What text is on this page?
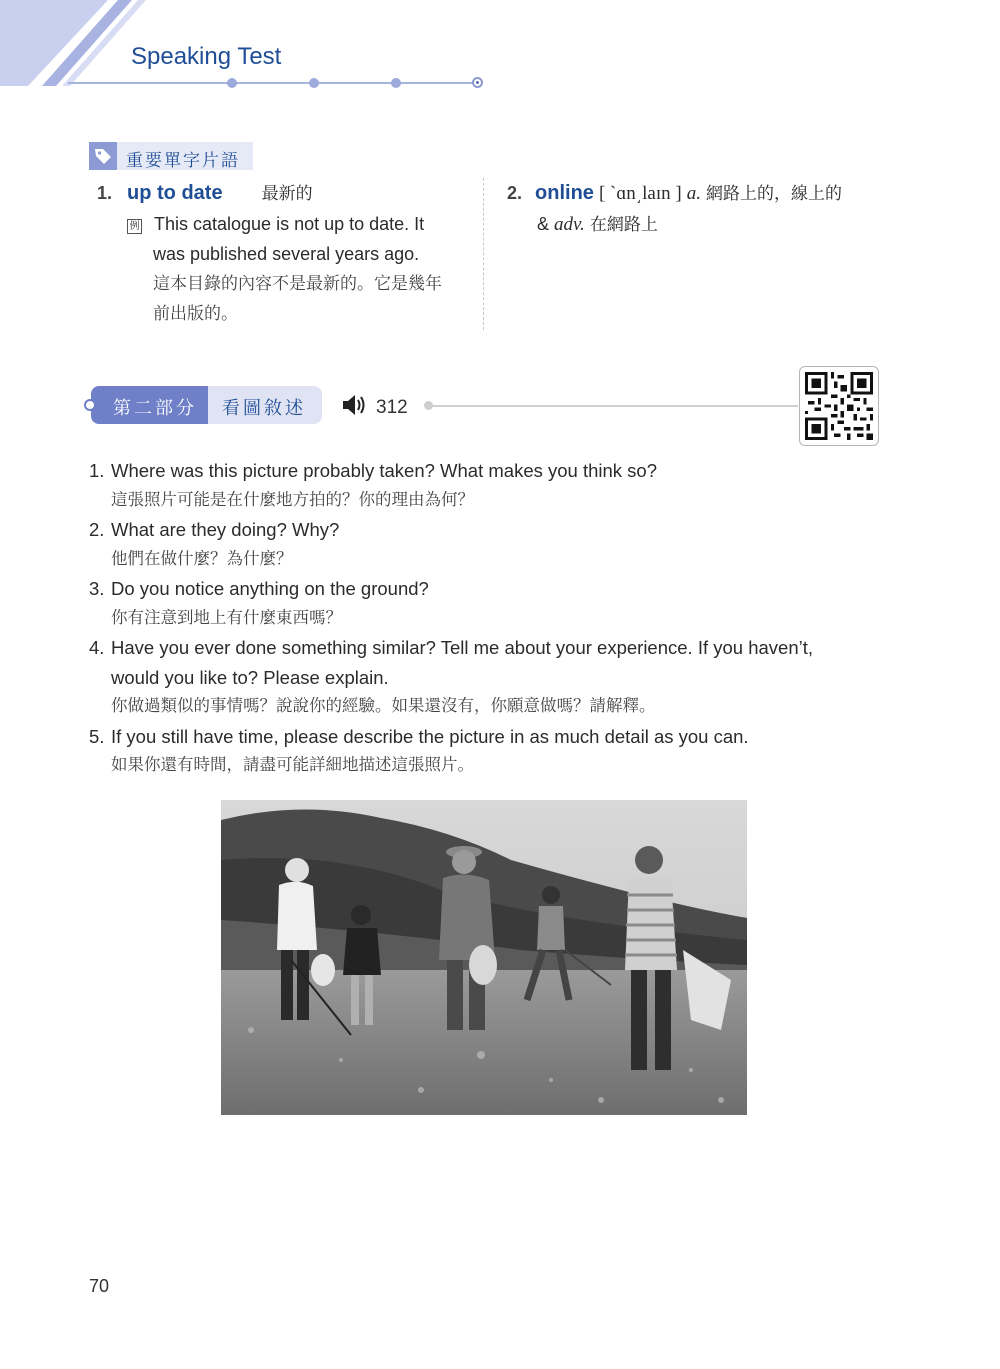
Speaking Test
重要單字片語
1. up to date 最新的
例 This catalogue is not up to date. It
was published several years ago.
這本目錄的內容不是最新的。它是幾年
前出版的。
2. online [ ˋɑn͵laɪn ] a. 網路上的，線上的
& adv. 在網路上
第二部分 看圖敘述	312
1. Where was this picture probably taken? What makes you think so?
這張照片可能是在什麼地方拍的？你的理由為何？
2. What are they doing? Why?
他們在做什麼？為什麼？
3. Do you notice anything on the ground?
你有注意到地上有什麼東西嗎？
4. Have you ever done something similar? Tell me about your experience. If you haven’t,
would you like to? Please explain.
你做過類似的事情嗎？說說你的經驗。如果還沒有，你願意做嗎？請解釋。
5. If you still have time, please describe the picture in as much detail as you can.
如果你還有時間，請盡可能詳細地描述這張照片。
70
